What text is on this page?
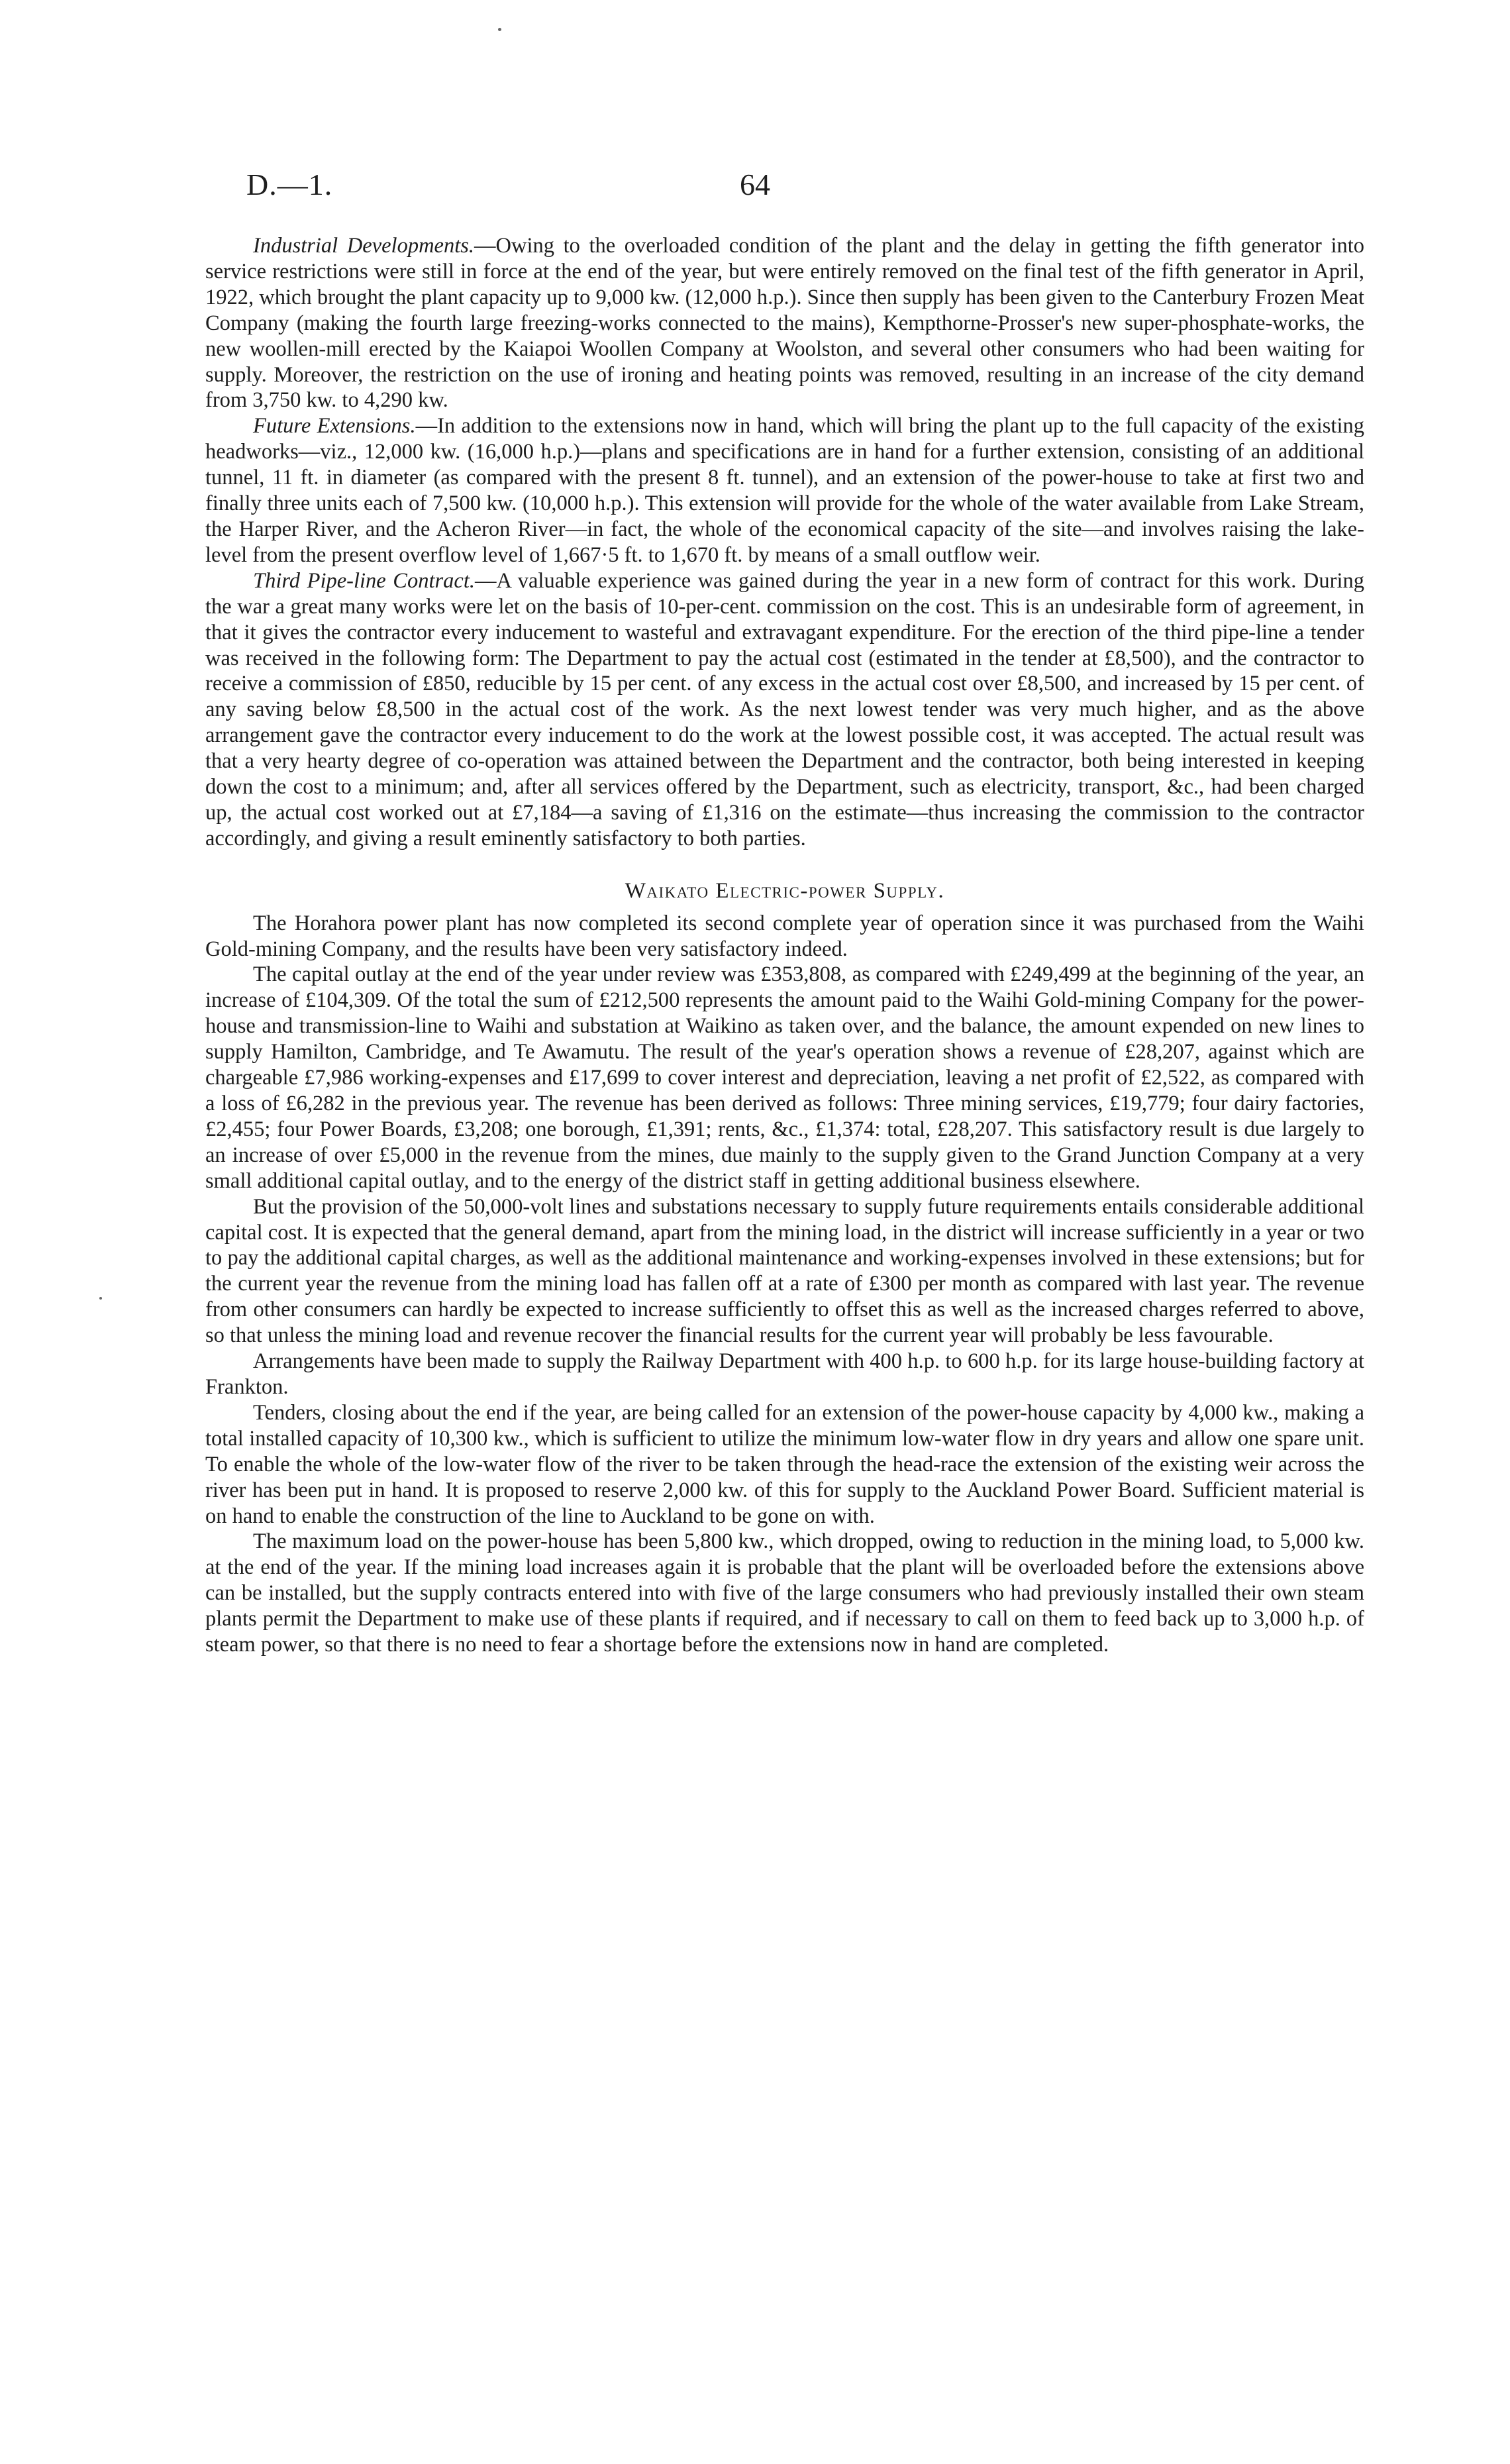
D.—1.	64

Industrial Developments.—Owing to the overloaded condition of the plant and the delay in getting the fifth generator into service restrictions were still in force at the end of the year, but were entirely removed on the final test of the fifth generator in April, 1922, which brought the plant capacity up to 9,000 kw. (12,000 h.p.). Since then supply has been given to the Canterbury Frozen Meat Company (making the fourth large freezing-works connected to the mains), Kempthorne-Prosser's new super-phosphate-works, the new woollen-mill erected by the Kaiapoi Woollen Company at Woolston, and several other consumers who had been waiting for supply. Moreover, the restriction on the use of ironing and heating points was removed, resulting in an increase of the city demand from 3,750 kw. to 4,290 kw.

Future Extensions.—In addition to the extensions now in hand, which will bring the plant up to the full capacity of the existing headworks—viz., 12,000 kw. (16,000 h.p.)—plans and specifications are in hand for a further extension, consisting of an additional tunnel, 11 ft. in diameter (as compared with the present 8 ft. tunnel), and an extension of the power-house to take at first two and finally three units each of 7,500 kw. (10,000 h.p.). This extension will provide for the whole of the water available from Lake Stream, the Harper River, and the Acheron River—in fact, the whole of the economical capacity of the site—and involves raising the lake-level from the present overflow level of 1,667·5 ft. to 1,670 ft. by means of a small outflow weir.

Third Pipe-line Contract.—A valuable experience was gained during the year in a new form of contract for this work. During the war a great many works were let on the basis of 10-per-cent. commission on the cost. This is an undesirable form of agreement, in that it gives the contractor every inducement to wasteful and extravagant expenditure. For the erection of the third pipe-line a tender was received in the following form: The Department to pay the actual cost (estimated in the tender at £8,500), and the contractor to receive a commission of £850, reducible by 15 per cent. of any excess in the actual cost over £8,500, and increased by 15 per cent. of any saving below £8,500 in the actual cost of the work. As the next lowest tender was very much higher, and as the above arrangement gave the contractor every inducement to do the work at the lowest possible cost, it was accepted. The actual result was that a very hearty degree of co-operation was attained between the Department and the contractor, both being interested in keeping down the cost to a minimum; and, after all services offered by the Department, such as electricity, transport, &c., had been charged up, the actual cost worked out at £7,184—a saving of £1,316 on the estimate—thus increasing the commission to the contractor accordingly, and giving a result eminently satisfactory to both parties.

Waikato Electric-power Supply.

The Horahora power plant has now completed its second complete year of operation since it was purchased from the Waihi Gold-mining Company, and the results have been very satisfactory indeed.

The capital outlay at the end of the year under review was £353,808, as compared with £249,499 at the beginning of the year, an increase of £104,309. Of the total the sum of £212,500 represents the amount paid to the Waihi Gold-mining Company for the power-house and transmission-line to Waihi and substation at Waikino as taken over, and the balance, the amount expended on new lines to supply Hamilton, Cambridge, and Te Awamutu. The result of the year's operation shows a revenue of £28,207, against which are chargeable £7,986 working-expenses and £17,699 to cover interest and depreciation, leaving a net profit of £2,522, as compared with a loss of £6,282 in the previous year. The revenue has been derived as follows: Three mining services, £19,779; four dairy factories, £2,455; four Power Boards, £3,208; one borough, £1,391; rents, &c., £1,374: total, £28,207. This satisfactory result is due largely to an increase of over £5,000 in the revenue from the mines, due mainly to the supply given to the Grand Junction Company at a very small additional capital outlay, and to the energy of the district staff in getting additional business elsewhere.

But the provision of the 50,000-volt lines and substations necessary to supply future requirements entails considerable additional capital cost. It is expected that the general demand, apart from the mining load, in the district will increase sufficiently in a year or two to pay the additional capital charges, as well as the additional maintenance and working-expenses involved in these extensions; but for the current year the revenue from the mining load has fallen off at a rate of £300 per month as compared with last year. The revenue from other consumers can hardly be expected to increase sufficiently to offset this as well as the increased charges referred to above, so that unless the mining load and revenue recover the financial results for the current year will probably be less favourable.

Arrangements have been made to supply the Railway Department with 400 h.p. to 600 h.p. for its large house-building factory at Frankton.

Tenders, closing about the end if the year, are being called for an extension of the power-house capacity by 4,000 kw., making a total installed capacity of 10,300 kw., which is sufficient to utilize the minimum low-water flow in dry years and allow one spare unit. To enable the whole of the low-water flow of the river to be taken through the head-race the extension of the existing weir across the river has been put in hand. It is proposed to reserve 2,000 kw. of this for supply to the Auckland Power Board. Sufficient material is on hand to enable the construction of the line to Auckland to be gone on with.

The maximum load on the power-house has been 5,800 kw., which dropped, owing to reduction in the mining load, to 5,000 kw. at the end of the year. If the mining load increases again it is probable that the plant will be overloaded before the extensions above can be installed, but the supply contracts entered into with five of the large consumers who had previously installed their own steam plants permit the Department to make use of these plants if required, and if necessary to call on them to feed back up to 3,000 h.p. of steam power, so that there is no need to fear a shortage before the extensions now in hand are completed.
